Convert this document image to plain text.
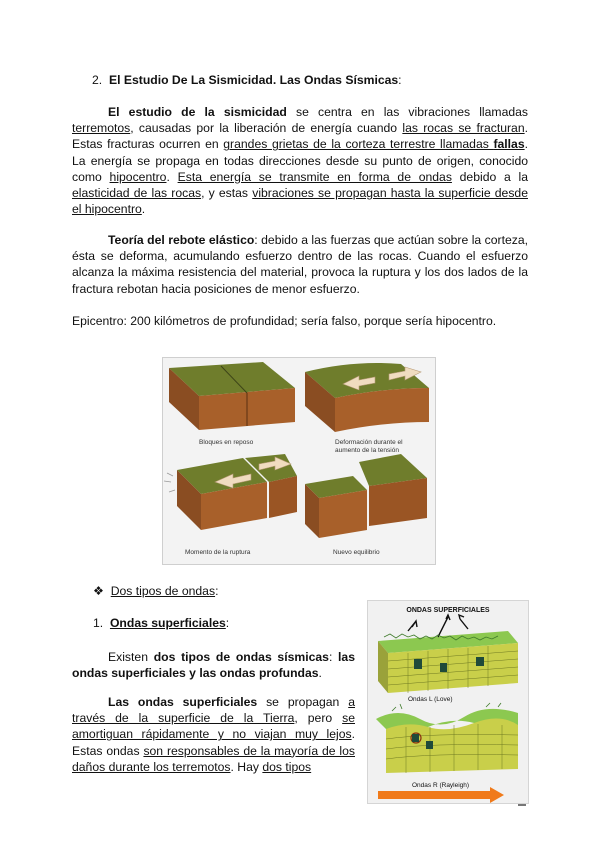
2. El Estudio De La Sismicidad. Las Ondas Sísmicas:
El estudio de la sismicidad se centra en las vibraciones llamadas terremotos, causadas por la liberación de energía cuando las rocas se fracturan. Estas fracturas ocurren en grandes grietas de la corteza terrestre llamadas fallas. La energía se propaga en todas direcciones desde su punto de origen, conocido como hipocentro. Esta energía se transmite en forma de ondas debido a la elasticidad de las rocas, y estas vibraciones se propagan hasta la superficie desde el hipocentro.
Teoría del rebote elástico: debido a las fuerzas que actúan sobre la corteza, ésta se deforma, acumulando esfuerzo dentro de las rocas. Cuando el esfuerzo alcanza la máxima resistencia del material, provoca la ruptura y los dos lados de la fractura rebotan hacia posiciones de menor esfuerzo.
Epicentro: 200 kilómetros de profundidad; sería falso, porque sería hipocentro.
Bloques en reposo	Deformación durante el
aumento de la tensión
Momento de la ruptura	Nuevo equilibrio
❖ Dos tipos de ondas:
1. Ondas superficiales:
Existen dos tipos de ondas sísmicas: las ondas superficiales y las ondas profundas.
Las ondas superficiales se propagan a través de la superficie de la Tierra, pero se amortiguan rápidamente y no viajan muy lejos. Estas ondas son responsables de la mayoría de los daños durante los terremotos. Hay dos tipos
ONDAS SUPERFICIALES
Ondas L (Love)
Ondas R (Rayleigh)
